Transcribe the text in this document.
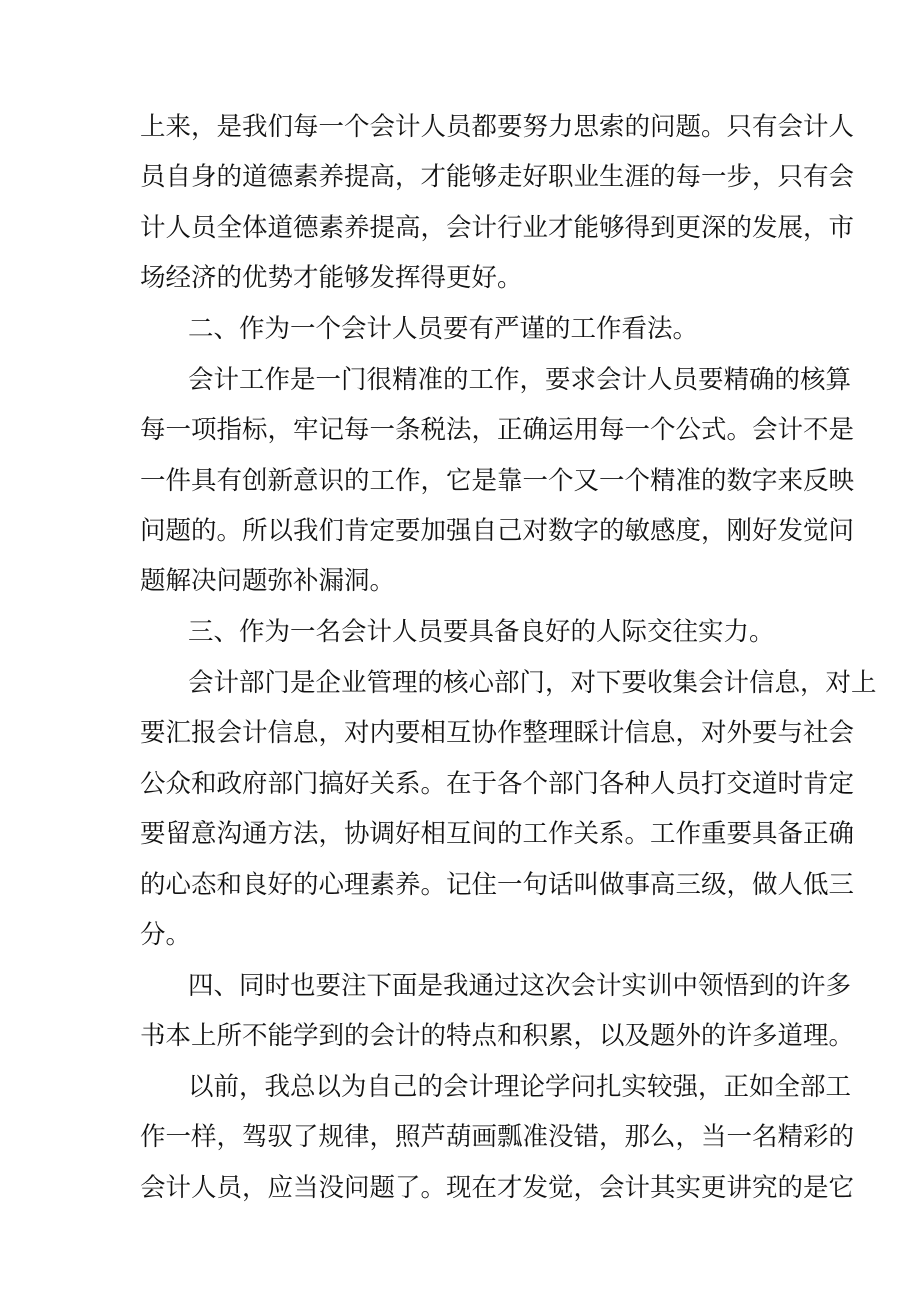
上来，是我们每一个会计人员都要努力思索的问题。只有会计人
员自身的道德素养提高，才能够走好职业生涯的每一步，只有会
计人员全体道德素养提高，会计行业才能够得到更深的发展，市
场经济的优势才能够发挥得更好。
二、作为一个会计人员要有严谨的工作看法。
会计工作是一门很精准的工作，要求会计人员要精确的核算
每一项指标，牢记每一条税法，正确运用每一个公式。会计不是
一件具有创新意识的工作，它是靠一个又一个精准的数字来反映
问题的。所以我们肯定要加强自己对数字的敏感度，刚好发觉问
题解决问题弥补漏洞。
三、作为一名会计人员要具备良好的人际交往实力。
会计部门是企业管理的核心部门，对下要收集会计信息，对上
要汇报会计信息，对内要相互协作整理睬计信息，对外要与社会
公众和政府部门搞好关系。在于各个部门各种人员打交道时肯定
要留意沟通方法，协调好相互间的工作关系。工作重要具备正确
的心态和良好的心理素养。记住一句话叫做事高三级，做人低三
分。
四、同时也要注下面是我通过这次会计实训中领悟到的许多
书本上所不能学到的会计的特点和积累，以及题外的许多道理。
以前，我总以为自己的会计理论学问扎实较强，正如全部工
作一样，驾驭了规律，照芦葫画瓢准没错，那么，当一名精彩的
会计人员，应当没问题了。现在才发觉，会计其实更讲究的是它
